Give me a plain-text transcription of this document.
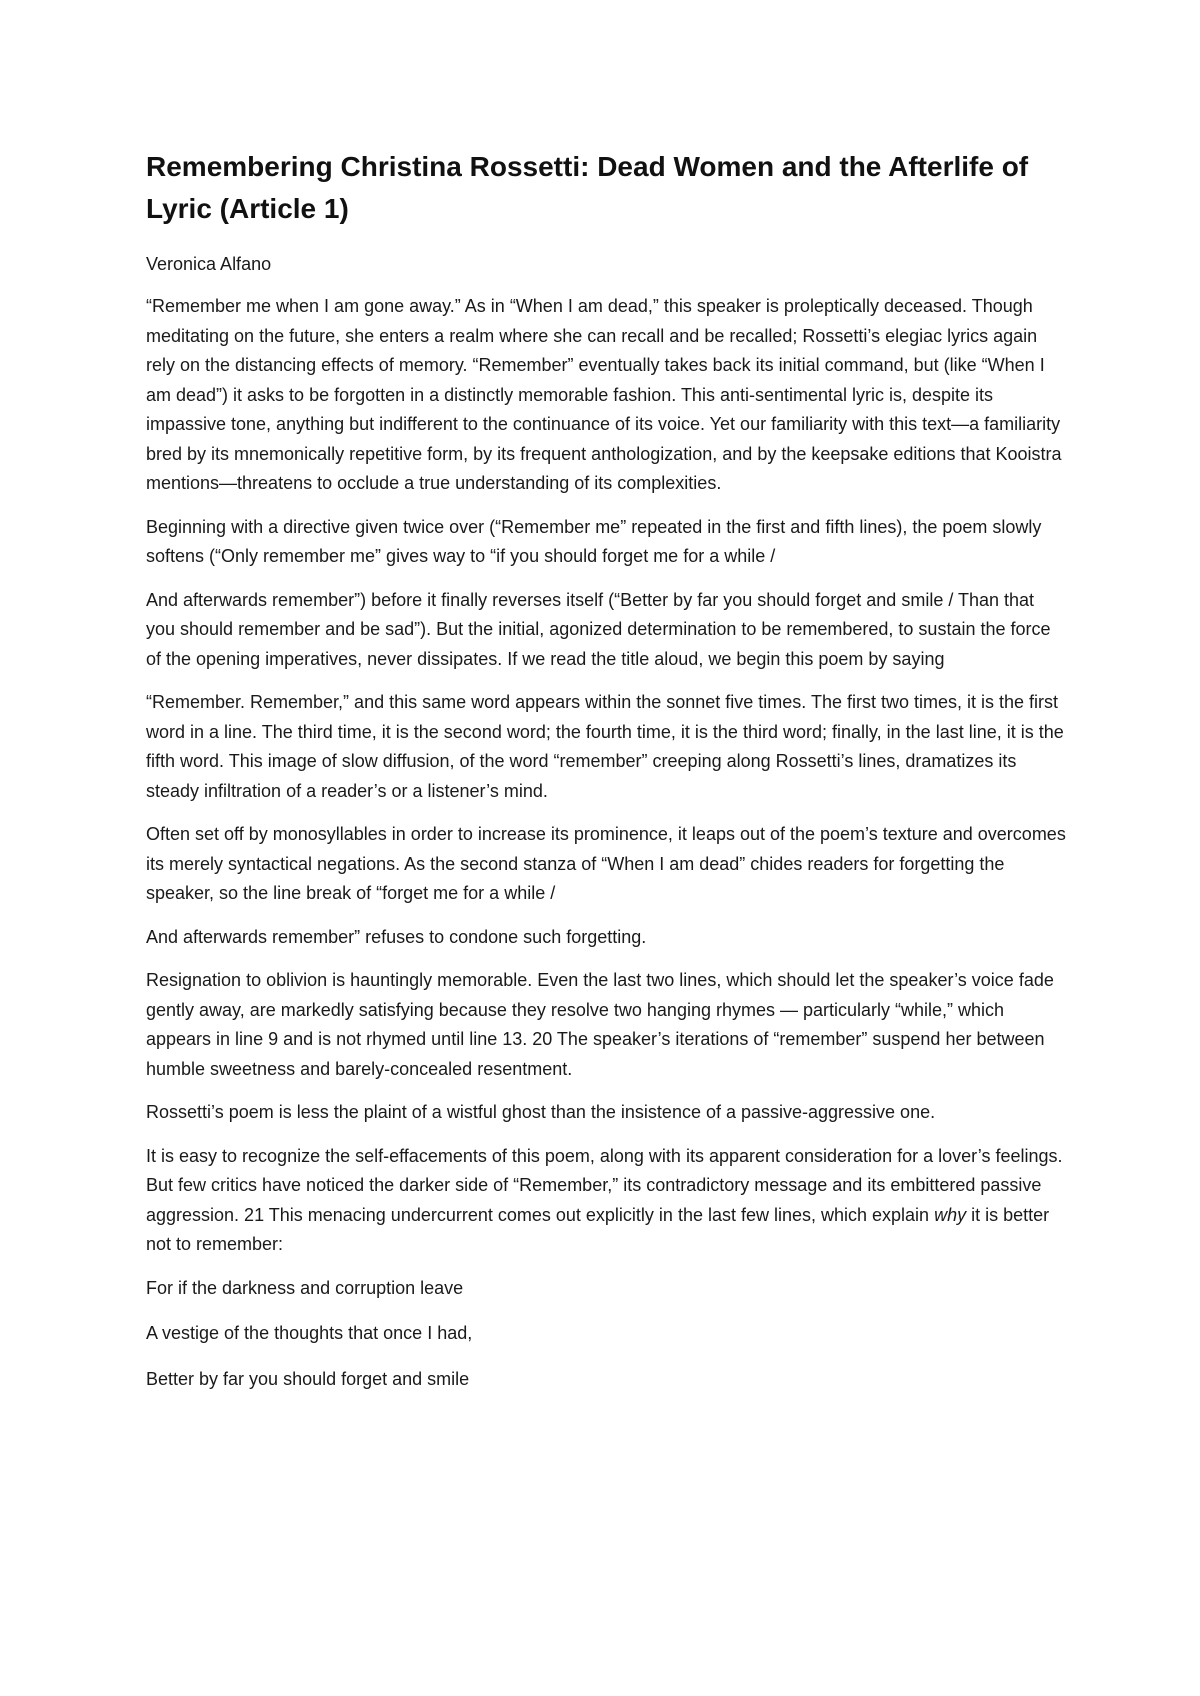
Remembering Christina Rossetti: Dead Women and the Afterlife of Lyric (Article 1)

Veronica Alfano

“Remember me when I am gone away.” As in “When I am dead,” this speaker is proleptically deceased. Though meditating on the future, she enters a realm where she can recall and be recalled; Rossetti’s elegiac lyrics again rely on the distancing effects of memory. “Remember” eventually takes back its initial command, but (like “When I am dead”) it asks to be forgotten in a distinctly memorable fashion. This anti-sentimental lyric is, despite its impassive tone, anything but indifferent to the continuance of its voice. Yet our familiarity with this text—a familiarity bred by its mnemonically repetitive form, by its frequent anthologization, and by the keepsake editions that Kooistra mentions—threatens to occlude a true understanding of its complexities.

Beginning with a directive given twice over (“Remember me” repeated in the first and fifth lines), the poem slowly softens (“Only remember me” gives way to “if you should forget me for a while /

And afterwards remember”) before it finally reverses itself (“Better by far you should forget and smile / Than that you should remember and be sad”). But the initial, agonized determination to be remembered, to sustain the force of the opening imperatives, never dissipates. If we read the title aloud, we begin this poem by saying

“Remember. Remember,” and this same word appears within the sonnet five times. The first two times, it is the first word in a line. The third time, it is the second word; the fourth time, it is the third word; finally, in the last line, it is the fifth word. This image of slow diffusion, of the word “remember” creeping along Rossetti’s lines, dramatizes its steady infiltration of a reader’s or a listener’s mind.

Often set off by monosyllables in order to increase its prominence, it leaps out of the poem’s texture and overcomes its merely syntactical negations. As the second stanza of “When I am dead” chides readers for forgetting the speaker, so the line break of “forget me for a while /

And afterwards remember” refuses to condone such forgetting.

Resignation to oblivion is hauntingly memorable. Even the last two lines, which should let the speaker’s voice fade gently away, are markedly satisfying because they resolve two hanging rhymes — particularly “while,” which appears in line 9 and is not rhymed until line 13. 20 The speaker’s iterations of “remember” suspend her between humble sweetness and barely-concealed resentment.

Rossetti’s poem is less the plaint of a wistful ghost than the insistence of a passive-aggressive one.

It is easy to recognize the self-effacements of this poem, along with its apparent consideration for a lover’s feelings. But few critics have noticed the darker side of “Remember,” its contradictory message and its embittered passive aggression. 21 This menacing undercurrent comes out explicitly in the last few lines, which explain why it is better not to remember:

For if the darkness and corruption leave

A vestige of the thoughts that once I had,

Better by far you should forget and smile
